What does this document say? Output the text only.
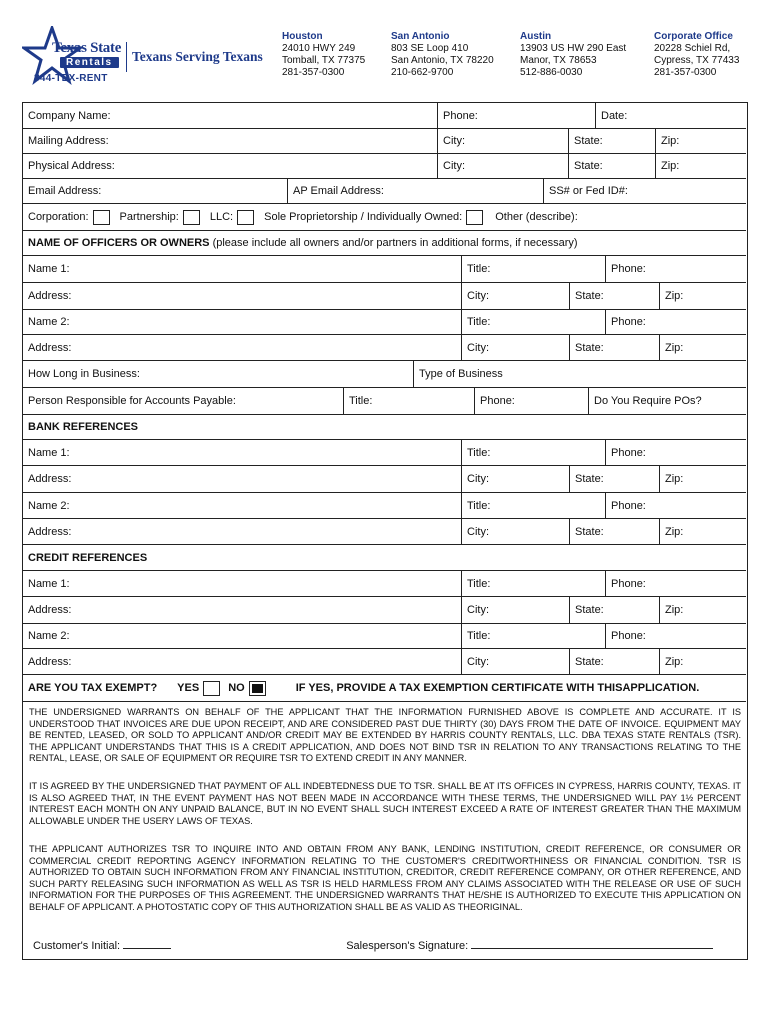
Texas State
Rentals
844-TEX-RENT
Texans Serving Texans
Houston
24010 HWY 249
Tomball, TX 77375
281-357-0300
San Antonio
803 SE Loop 410
San Antonio, TX 78220
210-662-9700
Austin
13903 US HW 290 East
Manor, TX 78653
512-886-0030
Corporate Office
20228 Schiel Rd,
Cypress, TX 77433
281-357-0300
Company Name:	Phone:	Date:
Mailing Address:	City:	State:	Zip:
Physical Address:	City:	State:	Zip:
Email Address:	AP Email Address:	SS# or Fed ID#:
Corporation:	Partnership:	LLC:	Sole Proprietorship / Individually Owned:	Other (describe):
NAME OF OFFICERS OR OWNERS
(please include all owners and/or partners in additional forms, if necessary)
Name 1:	Title:	Phone:
Address:	City:	State:	Zip:
Name 2:	Title:	Phone:
Address:	City:	State:	Zip:
How Long in Business:	Type of Business
Person Responsible for Accounts Payable:	Title:	Phone:	Do You Require POs?
BANK REFERENCES
Name 1:	Title:	Phone:
Address:	City:	State:	Zip:
Name 2:	Title:	Phone:
Address:	City:	State:	Zip:
CREDIT REFERENCES
Name 1:	Title:	Phone:
Address:	City:	State:	Zip:
Name 2:	Title:	Phone:
Address:	City:	State:	Zip:
ARE YOU TAX EXEMPT? YES	NO	IF YES, PROVIDE A TAX EXEMPTION CERTIFICATE WITH THISAPPLICATION.
THE UNDERSIGNED WARRANTS ON BEHALF OF THE APPLICANT THAT THE INFORMATION FURNISHED ABOVE IS COMPLETE AND ACCURATE. IT IS UNDERSTOOD THAT INVOICES ARE DUE UPON RECEIPT, AND ARE CONSIDERED PAST DUE THIRTY (30) DAYS FROM THE DATE OF INVOICE. EQUIPMENT MAY BE RENTED, LEASED, OR SOLD TO APPLICANT AND/OR CREDIT MAY BE EXTENDED BY HARRIS COUNTY RENTALS, LLC. DBA TEXAS STATE RENTALS (TSR). THE APPLICANT UNDERSTANDS THAT THIS IS A CREDIT APPLICATION, AND DOES NOT BIND TSR IN RELATION TO ANY TRANSACTIONS RELATING TO THE RENTAL, LEASE, OR SALE OF EQUIPMENT OR REQUIRE TSR TO EXTEND CREDIT IN ANY MANNER.
IT IS AGREED BY THE UNDERSIGNED THAT PAYMENT OF ALL INDEBTEDNESS DUE TO TSR. SHALL BE AT ITS OFFICES IN CYPRESS, HARRIS COUNTY, TEXAS. IT IS ALSO AGREED THAT, IN THE EVENT PAYMENT HAS NOT BEEN MADE IN ACCORDANCE WITH THESE TERMS, THE UNDERSIGNED WILL PAY 1½ PERCENT INTEREST EACH MONTH ON ANY UNPAID BALANCE, BUT IN NO EVENT SHALL SUCH INTEREST EXCEED A RATE OF INTEREST GREATER THAN THE MAXIMUM ALLOWABLE UNDER THE USERY LAWS OF TEXAS.
THE APPLICANT AUTHORIZES TSR TO INQUIRE INTO AND OBTAIN FROM ANY BANK, LENDING INSTITUTION, CREDIT REFERENCE, OR CONSUMER OR COMMERCIAL CREDIT REPORTING AGENCY INFORMATION RELATING TO THE CUSTOMER'S CREDITWORTHINESS OR FINANCIAL CONDITION. TSR IS AUTHORIZED TO OBTAIN SUCH INFORMATION FROM ANY FINANCIAL INSTITUTION, CREDITOR, CREDIT REFERENCE COMPANY, OR OTHER REFERENCE, AND SUCH PARTY RELEASING SUCH INFORMATION AS WELL AS TSR IS HELD HARMLESS FROM ANY CLAIMS ASSOCIATED WITH THE RELEASE OR USE OF SUCH INFORMATION FOR THE PURPOSES OF THIS AGREEMENT. THE UNDERSIGNED WARRANTS THAT HE/SHE IS AUTHORIZED TO EXECUTE THIS APPLICATION ON BEHALF OF APPLICANT. A PHOTOSTATIC COPY OF THIS AUTHORIZATION SHALL BE AS VALID AS THEORIGINAL.
Customer's Initial:	Salesperson's Signature:
